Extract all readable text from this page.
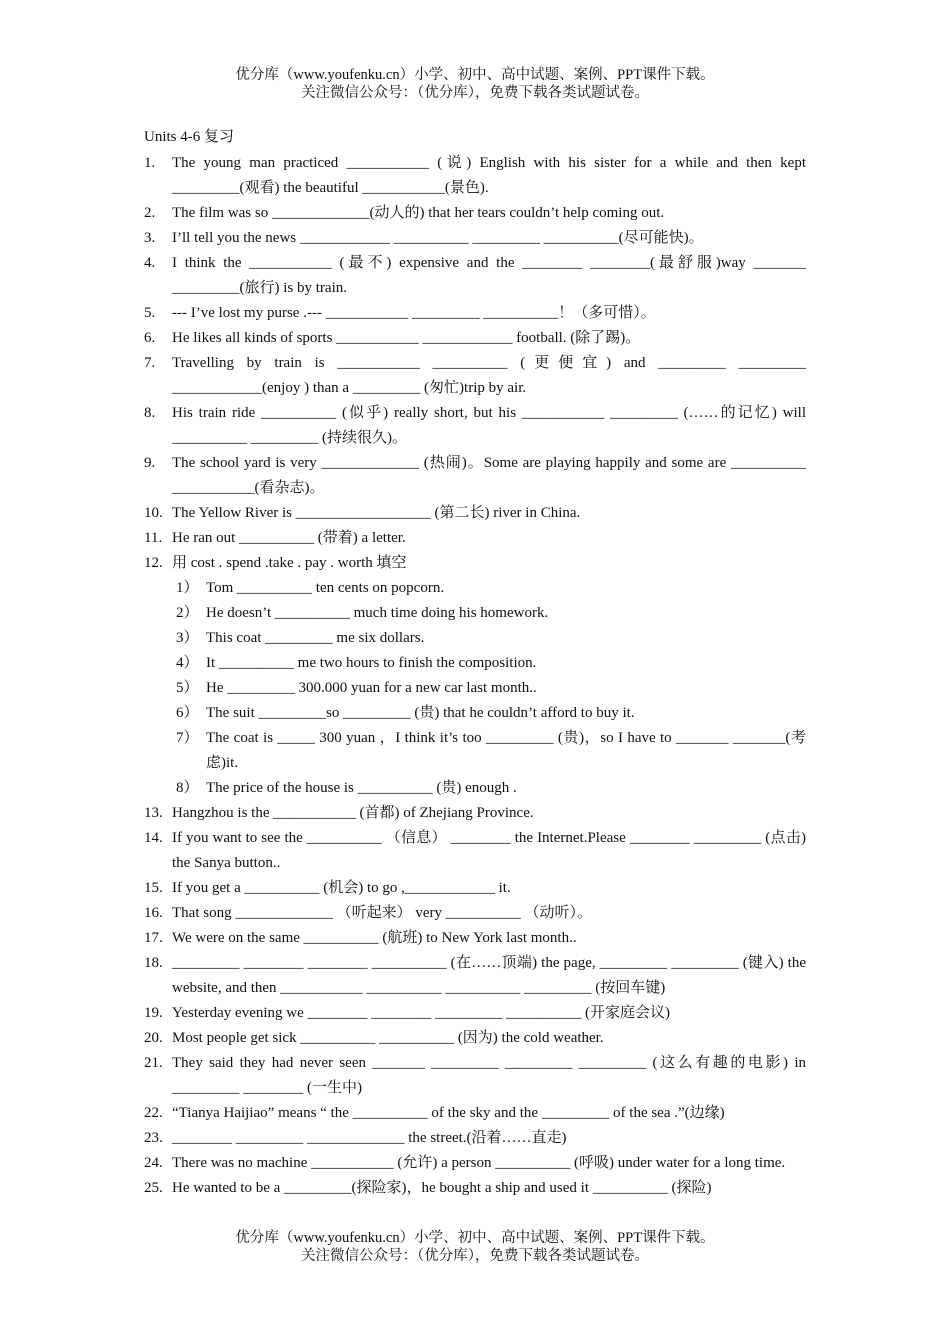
优分库（www.youfenku.cn）小学、初中、高中试题、案例、PPT课件下载。
关注微信公众号：（优分库），免费下载各类试题试卷。
Units 4-6 复习
1.	The young man practiced ___________ (说) English with his sister for a while and then kept _________(观看) the beautiful ___________(景色).
2.	The film was so _____________(动人的) that her tears couldn’t help coming out.
3.	I’ll tell you the news ____________ __________ _________ __________(尽可能快)。
4.	I think the ___________ (最不) expensive and the ________ ________(最舒服)way _______ _________(旅行) is by train.
5.	--- I’ve lost my purse .--- ___________ _________ __________！（多可惜）。
6.	He likes all kinds of sports ___________ ____________ football. (除了踢)。
7.	Travelling by train is ___________ __________ (更便宜) and _________ _________ ____________(enjoy ) than a _________ (匆忙)trip by air.
8.	His train ride __________ (似乎) really short, but his ___________ _________ (……的记忆) will __________ _________ (持续很久)。
9.	The school yard is very _____________ (热闹)。Some are playing happily and some are __________ ___________(看杂志)。
10. The Yellow River is __________________ (第二长) river in China.
11. He ran out __________ (带着) a letter.
12. 用 cost . spend .take . pay . worth 填空
1） Tom __________ ten cents on popcorn.
2） He doesn’t __________ much time doing his homework.
3） This coat _________ me six dollars.
4） It __________ me two hours to finish the composition.
5） He _________ 300.000 yuan for a new car last month..
6） The suit _________so _________ (贵) that he couldn’t afford to buy it.
7） The coat is _____ 300 yuan ，I think it’s too _________ (贵)，so I have to _______ _______(考虑)it.
8） The price of the house is __________ (贵) enough .
13. Hangzhou is the ___________ (首都) of Zhejiang Province.
14. If you want to see the __________ （信息） ________ the Internet.Please ________ _________ (点击) the Sanya button..
15. If you get a __________ (机会) to go ,____________ it.
16. That song _____________ （听起来） very __________ （动听）。
17. We were on the same __________ (航班) to New York last month..
18. _________ ________ ________ __________ (在……顶端) the page, _________ _________ (键入) the website, and then ___________ __________ __________ _________ (按回车键)
19. Yesterday evening we ________ ________ _________ __________ (开家庭会议)
20. Most people get sick __________ __________ (因为) the cold weather.
21. They said they had never seen _______ _________ _________ _________ (这么有趣的电影) in _________ ________ (一生中)
22. “Tianya Haijiao” means “ the __________ of the sky and the _________ of the sea .”(边缘)
23. ________ _________ _____________ the street.(沿着……直走)
24. There was no machine ___________ (允许) a person __________ (呼吸) under water for a long time.
25. He wanted to be a _________(探险家)，he bought a ship and used it __________ (探险)
优分库（www.youfenku.cn）小学、初中、高中试题、案例、PPT课件下载。
关注微信公众号：（优分库），免费下载各类试题试卷。
